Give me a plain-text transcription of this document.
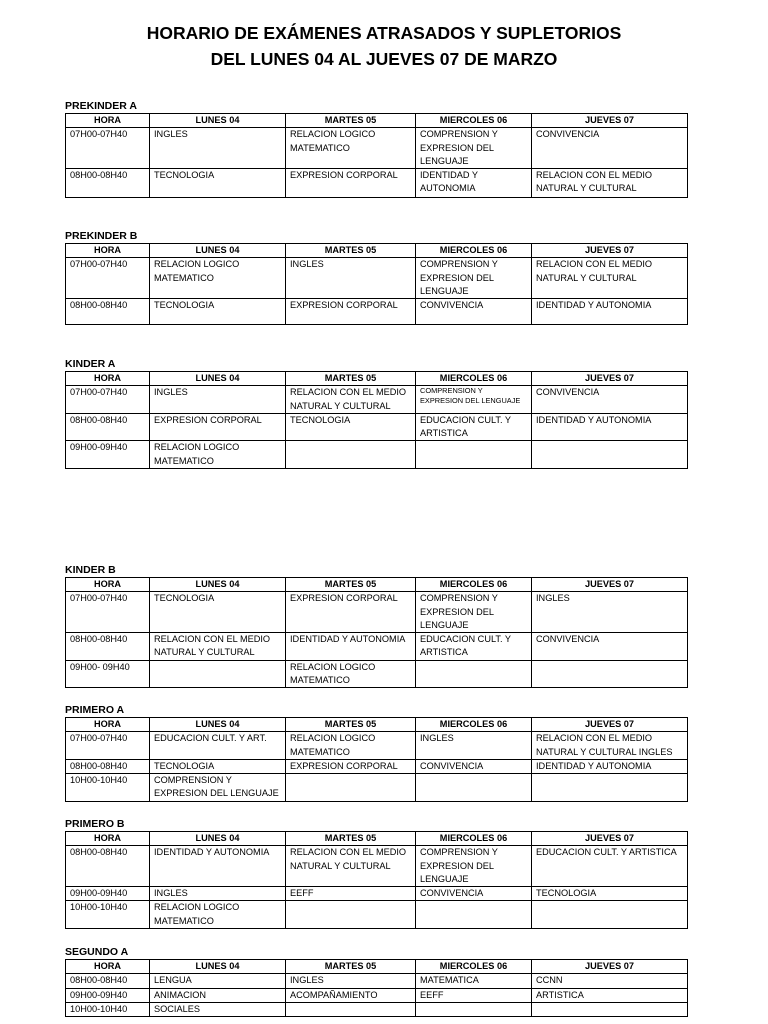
HORARIO DE EXÁMENES ATRASADOS Y SUPLETORIOS
DEL LUNES 04 AL JUEVES 07 DE MARZO
PREKINDER A
HORA	LUNES 04	MARTES 05	MIERCOLES 06	JUEVES 07
07H00-07H40	INGLES	RELACION LOGICO MATEMATICO	COMPRENSION Y EXPRESION DEL LENGUAJE	CONVIVENCIA
08H00-08H40	TECNOLOGIA	EXPRESION CORPORAL	IDENTIDAD Y AUTONOMIA	RELACION CON EL MEDIO NATURAL Y CULTURAL
PREKINDER B
HORA	LUNES 04	MARTES 05	MIERCOLES 06	JUEVES 07
07H00-07H40	RELACION LOGICO MATEMATICO	INGLES	COMPRENSION Y EXPRESION DEL LENGUAJE	RELACION CON EL MEDIO NATURAL Y CULTURAL
08H00-08H40	TECNOLOGIA	EXPRESION CORPORAL	CONVIVENCIA	IDENTIDAD Y AUTONOMIA
KINDER A
HORA	LUNES 04	MARTES 05	MIERCOLES 06	JUEVES 07
07H00-07H40	INGLES	RELACION CON EL MEDIO NATURAL Y CULTURAL	COMPRENSION Y EXPRESION DEL LENGUAJE	CONVIVENCIA
08H00-08H40	EXPRESION CORPORAL	TECNOLOGIA	EDUCACION CULT. Y ARTISTICA	IDENTIDAD Y AUTONOMIA
09H00-09H40	RELACION LOGICO MATEMATICO			
KINDER B
HORA	LUNES 04	MARTES 05	MIERCOLES 06	JUEVES 07
07H00-07H40	TECNOLOGIA	EXPRESION CORPORAL	COMPRENSION Y EXPRESION DEL LENGUAJE	INGLES
08H00-08H40	RELACION CON EL MEDIO NATURAL Y CULTURAL	IDENTIDAD Y AUTONOMIA	EDUCACION CULT. Y ARTISTICA	CONVIVENCIA
09H00- 09H40		RELACION LOGICO MATEMATICO		
PRIMERO A
HORA	LUNES 04	MARTES 05	MIERCOLES 06	JUEVES 07
07H00-07H40	EDUCACION CULT. Y ART.	RELACION LOGICO MATEMATICO	INGLES	RELACION CON EL MEDIO NATURAL Y CULTURAL INGLES
08H00-08H40	TECNOLOGIA	EXPRESION CORPORAL	CONVIVENCIA	IDENTIDAD Y AUTONOMIA
10H00-10H40	COMPRENSION Y EXPRESION DEL LENGUAJE			
PRIMERO B
HORA	LUNES 04	MARTES 05	MIERCOLES 06	JUEVES 07
08H00-08H40	IDENTIDAD Y AUTONOMIA	RELACION CON EL MEDIO NATURAL Y CULTURAL	COMPRENSION Y EXPRESION DEL LENGUAJE	EDUCACION CULT. Y ARTISTICA
09H00-09H40	INGLES	EEFF	CONVIVENCIA	TECNOLOGIA
10H00-10H40	RELACION LOGICO MATEMATICO			
SEGUNDO A
HORA	LUNES 04	MARTES 05	MIERCOLES 06	JUEVES 07
08H00-08H40	LENGUA	INGLES	MATEMATICA	CCNN
09H00-09H40	ANIMACION	ACOMPAÑAMIENTO	EEFF	ARTISTICA
10H00-10H40	SOCIALES			
